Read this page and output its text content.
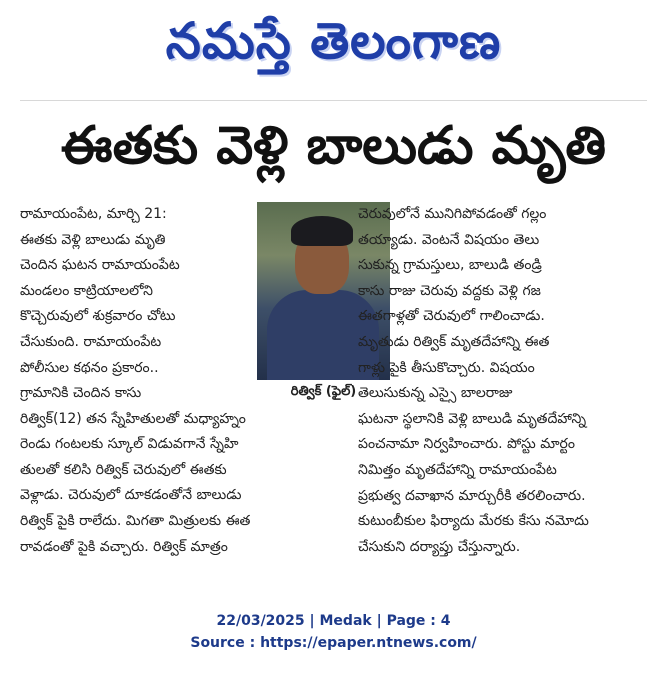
నమస్తే తెలంగాణ
ఈతకు వెళ్లి బాలుడు మృతి
రామాయంపేట, మార్చి 21:
ఈతకు వెళ్లి బాలుడు మృతి
చెందిన ఘటన రామాయంపేట
మండలం కాట్రియాలలోని
కొచ్చెరువులో శుక్రవారం చోటు
చేసుకుంది. రామాయంపేట
పోలీసుల కథనం ప్రకారం..
రిత్విక్ (ఫైల్)
గ్రామానికి చెందిన కాసు
రిత్విక్(12) తన స్నేహితులతో మధ్యాహ్నం
రెండు గంటలకు స్కూల్ విడువగానే స్నేహి
తులతో కలిసి రిత్విక్ చెరువులో ఈతకు
వెళ్లాడు. చెరువులో దూకడంతోనే బాలుడు
రిత్విక్ పైకి రాలేదు. మిగతా మిత్రులకు ఈత
రావడంతో పైకి వచ్చారు. రిత్విక్ మాత్రం
చెరువులోనే మునిగిపోవడంతో గల్లం
తయ్యాడు. వెంటనే విషయం తెలు
సుకున్న గ్రామస్తులు, బాలుడి తండ్రి
కాసు రాజు చెరువు వద్దకు వెళ్లి గజ
ఈతగాళ్లతో చెరువులో గాలించాడు.
మృతుడు రిత్విక్ మృతదేహాన్ని ఈత
గాళ్లు పైకి తీసుకొచ్చారు. విషయం
తెలుసుకున్న ఎస్సై బాలరాజు
ఘటనా స్థలానికి వెళ్లి బాలుడి మృతదేహాన్ని
పంచనామా నిర్వహించారు. పోస్టు మార్టం
నిమిత్తం మృతదేహాన్ని రామాయంపేట
ప్రభుత్వ దవాఖాన మార్చురీకి తరలించారు.
కుటుంబీకుల ఫిర్యాదు మేరకు కేసు నమోదు
చేసుకుని దర్యాప్తు చేస్తున్నారు.
22/03/2025 | Medak | Page : 4
Source : https://epaper.ntnews.com/
